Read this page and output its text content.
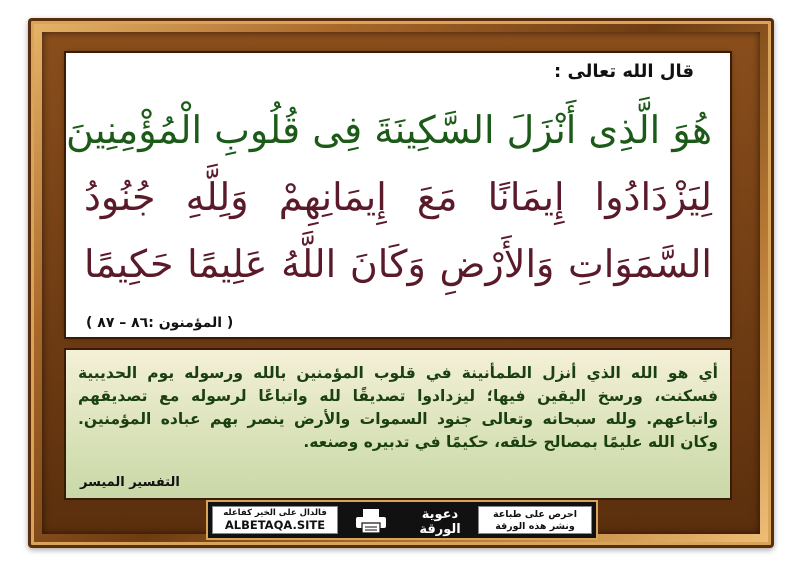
قال الله تعالى :
هُوَ الَّذِى أَنْزَلَ السَّكِينَةَ فِى قُلُوبِ الْمُؤْمِنِينَ
لِيَزْدَادُوا إِيمَانًا مَعَ إِيمَانِهِمْ وَلِلَّهِ جُنُودُ
السَّمَوَاتِ وَالأَرْضِ وَكَانَ اللَّهُ عَلِيمًا حَكِيمًا
( المؤمنون :٨٦ – ٨٧ )
أي هو الله الذي أنزل الطمأنينة في قلوب المؤمنين بالله ورسوله يوم الحديبية فسكنت، ورسخ اليقين فيها؛ ليزدادوا تصديقًا لله واتباعًا لرسوله مع تصديقهم واتباعهم. ولله سبحانه وتعالى جنود السموات والأرض ينصر بهم عباده المؤمنين. وكان الله عليمًا بمصالح خلقه، حكيمًا في تدبيره وصنعه.
التفسير الميسر
فالدال على الخير كفاعله
ALBETAQA.SITE
دعوية
الورقة
احرص على طباعة ونشر هذه الورقة
